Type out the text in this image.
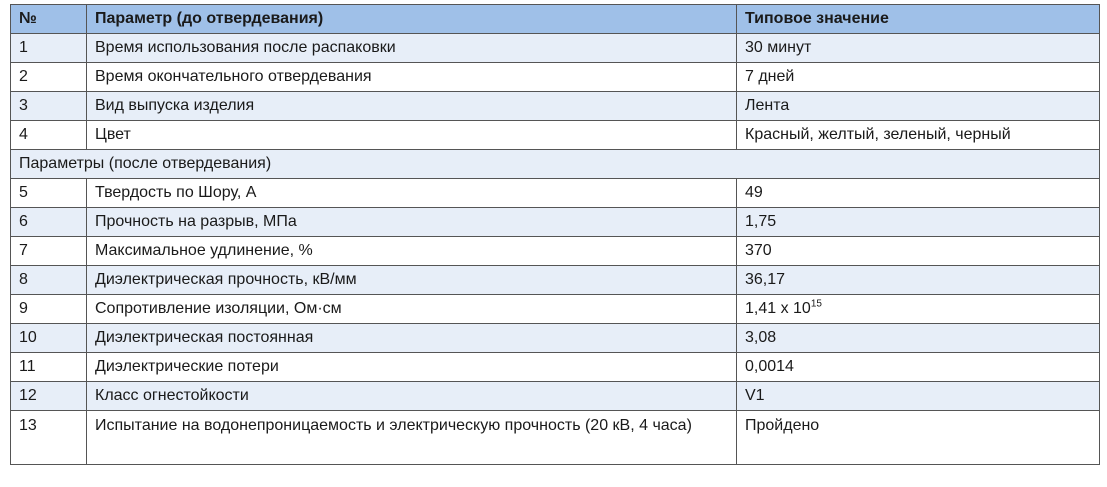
№	Параметр (до отвердевания)	Типовое значение
1	Время использования после распаковки	30 минут
2	Время окончательного отвердевания	7 дней
3	Вид выпуска изделия	Лента
4	Цвет	Красный, желтый, зеленый, черный
Параметры (после отвердевания)		
5	Твердость по Шору, А	49
6	Прочность на разрыв, МПа	1,75
7	Максимальное удлинение, %	370
8	Диэлектрическая прочность, кВ/мм	36,17
9	Сопротивление изоляции, Ом·см	1,41 x $10^{15}$
10	Диэлектрическая постоянная	3,08
11	Диэлектрические потери	0,0014
12	Класс огнестойкости	V1
13	Испытание на водонепроницаемость и электрическую прочность (20 кВ, 4 часа)	Пройдено
